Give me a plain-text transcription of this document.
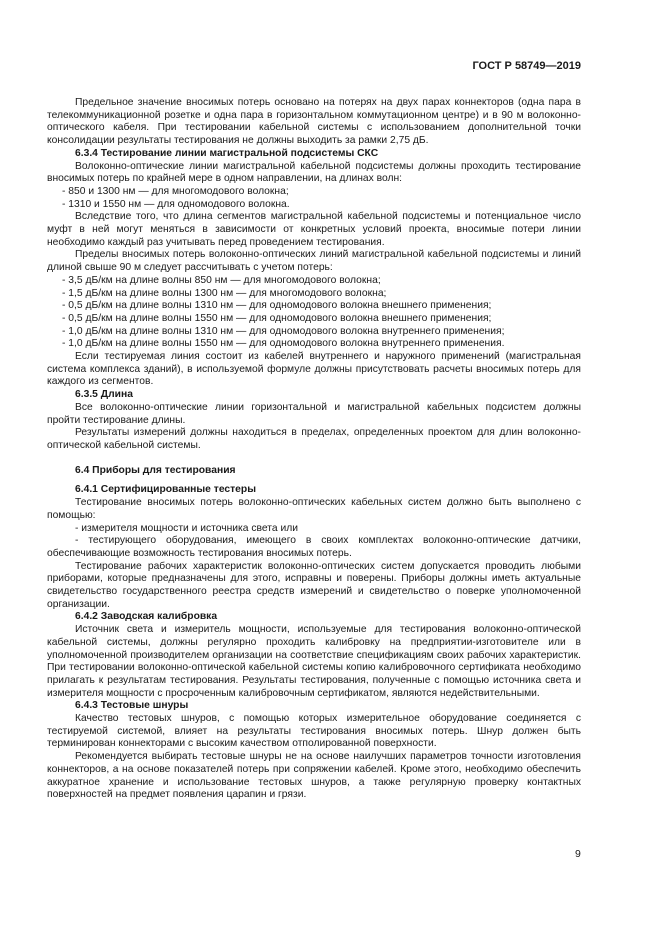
ГОСТ Р 58749—2019

Предельное значение вносимых потерь основано на потерях на двух парах коннекторов (одна пара в телекоммуникационной розетке и одна пара в горизонтальном коммутационном центре) и в 90 м волоконно-оптического кабеля. При тестировании кабельной системы с использованием дополнительной точки консолидации результаты тестирования не должны выходить за рамки 2,75 дБ.

6.3.4 Тестирование линии магистральной подсистемы СКС

Волоконно-оптические линии магистральной кабельной подсистемы должны проходить тестирование вносимых потерь по крайней мере в одном направлении, на длинах волн:

- 850 и 1300 нм — для многомодового волокна;

- 1310 и 1550 нм — для одномодового волокна.

Вследствие того, что длина сегментов магистральной кабельной подсистемы и потенциальное число муфт в ней могут меняться в зависимости от конкретных условий проекта, вносимые потери линии необходимо каждый раз учитывать перед проведением тестирования.

Пределы вносимых потерь волоконно-оптических линий магистральной кабельной подсистемы и линий длиной свыше 90 м следует рассчитывать с учетом потерь:

- 3,5 дБ/км на длине волны 850 нм — для многомодового волокна;

- 1,5 дБ/км на длине волны 1300 нм — для многомодового волокна;

- 0,5 дБ/км на длине волны 1310 нм — для одномодового волокна внешнего применения;

- 0,5 дБ/км на длине волны 1550 нм — для одномодового волокна внешнего применения;

- 1,0 дБ/км на длине волны 1310 нм — для одномодового волокна внутреннего применения;

- 1,0 дБ/км на длине волны 1550 нм — для одномодового волокна внутреннего применения.

Если тестируемая линия состоит из кабелей внутреннего и наружного применений (магистральная система комплекса зданий), в используемой формуле должны присутствовать расчеты вносимых потерь для каждого из сегментов.

6.3.5 Длина

Все волоконно-оптические линии горизонтальной и магистральной кабельных подсистем должны пройти тестирование длины.

Результаты измерений должны находиться в пределах, определенных проектом для длин волоконно-оптической кабельной системы.

6.4 Приборы для тестирования

6.4.1 Сертифицированные тестеры

Тестирование вносимых потерь волоконно-оптических кабельных систем должно быть выполнено с помощью:

- измерителя мощности и источника света или

- тестирующего оборудования, имеющего в своих комплектах волоконно-оптические датчики, обеспечивающие возможность тестирования вносимых потерь.

Тестирование рабочих характеристик волоконно-оптических систем допускается проводить любыми приборами, которые предназначены для этого, исправны и поверены. Приборы должны иметь актуальные свидетельство государственного реестра средств измерений и свидетельство о поверке уполномоченной организации.

6.4.2 Заводская калибровка

Источник света и измеритель мощности, используемые для тестирования волоконно-оптической кабельной системы, должны регулярно проходить калибровку на предприятии-изготовителе или в уполномоченной производителем организации на соответствие спецификациям своих рабочих характеристик. При тестировании волоконно-оптической кабельной системы копию калибровочного сертификата необходимо прилагать к результатам тестирования. Результаты тестирования, полученные с помощью источника света и измерителя мощности с просроченным калибровочным сертификатом, являются недействительными.

6.4.3 Тестовые шнуры

Качество тестовых шнуров, с помощью которых измерительное оборудование соединяется с тестируемой системой, влияет на результаты тестирования вносимых потерь. Шнур должен быть терминирован коннекторами с высоким качеством отполированной поверхности.

Рекомендуется выбирать тестовые шнуры не на основе наилучших параметров точности изготовления коннекторов, а на основе показателей потерь при сопряжении кабелей. Кроме этого, необходимо обеспечить аккуратное хранение и использование тестовых шнуров, а также регулярную проверку контактных поверхностей на предмет появления царапин и грязи.

9
